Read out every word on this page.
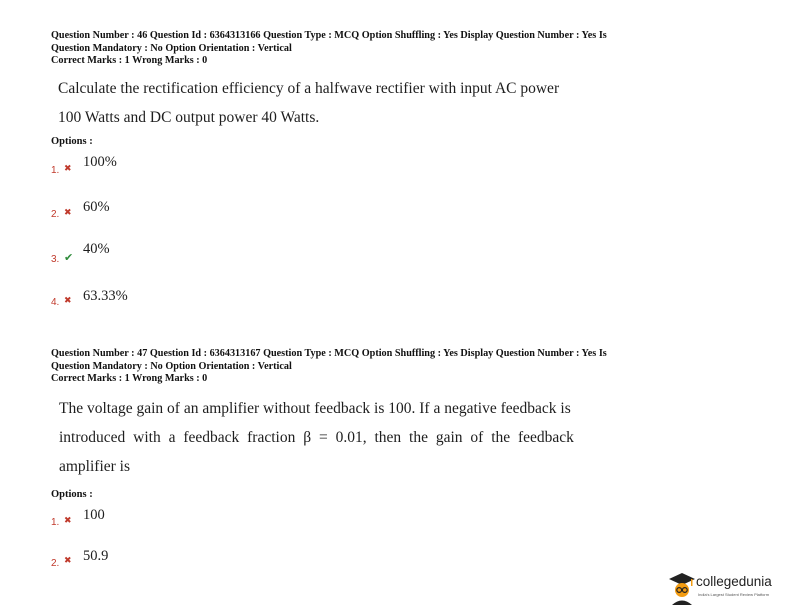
Question Number : 46 Question Id : 6364313166 Question Type : MCQ Option Shuffling : Yes Display Question Number : Yes Is
Question Mandatory : No Option Orientation : Vertical
Correct Marks : 1 Wrong Marks : 0
Calculate the rectification efficiency of a halfwave rectifier with input AC power
100 Watts and DC output power 40 Watts.
Options :
1. ✖ 100%
2. ✖ 60%
3. ✔
40%
4. ✖ 63.33%
Question Number : 47 Question Id : 6364313167 Question Type : MCQ Option Shuffling : Yes Display Question Number : Yes Is
Question Mandatory : No Option Orientation : Vertical
Correct Marks : 1 Wrong Marks : 0
The voltage gain of an amplifier without feedback is 100. If a negative feedback is
introduced with a feedback fraction β = 0.01, then the gain of the feedback
amplifier is
Options :
1. ✖ 100
2. ✖ 50.9
collegedunia
India's Largest Student Review Platform
